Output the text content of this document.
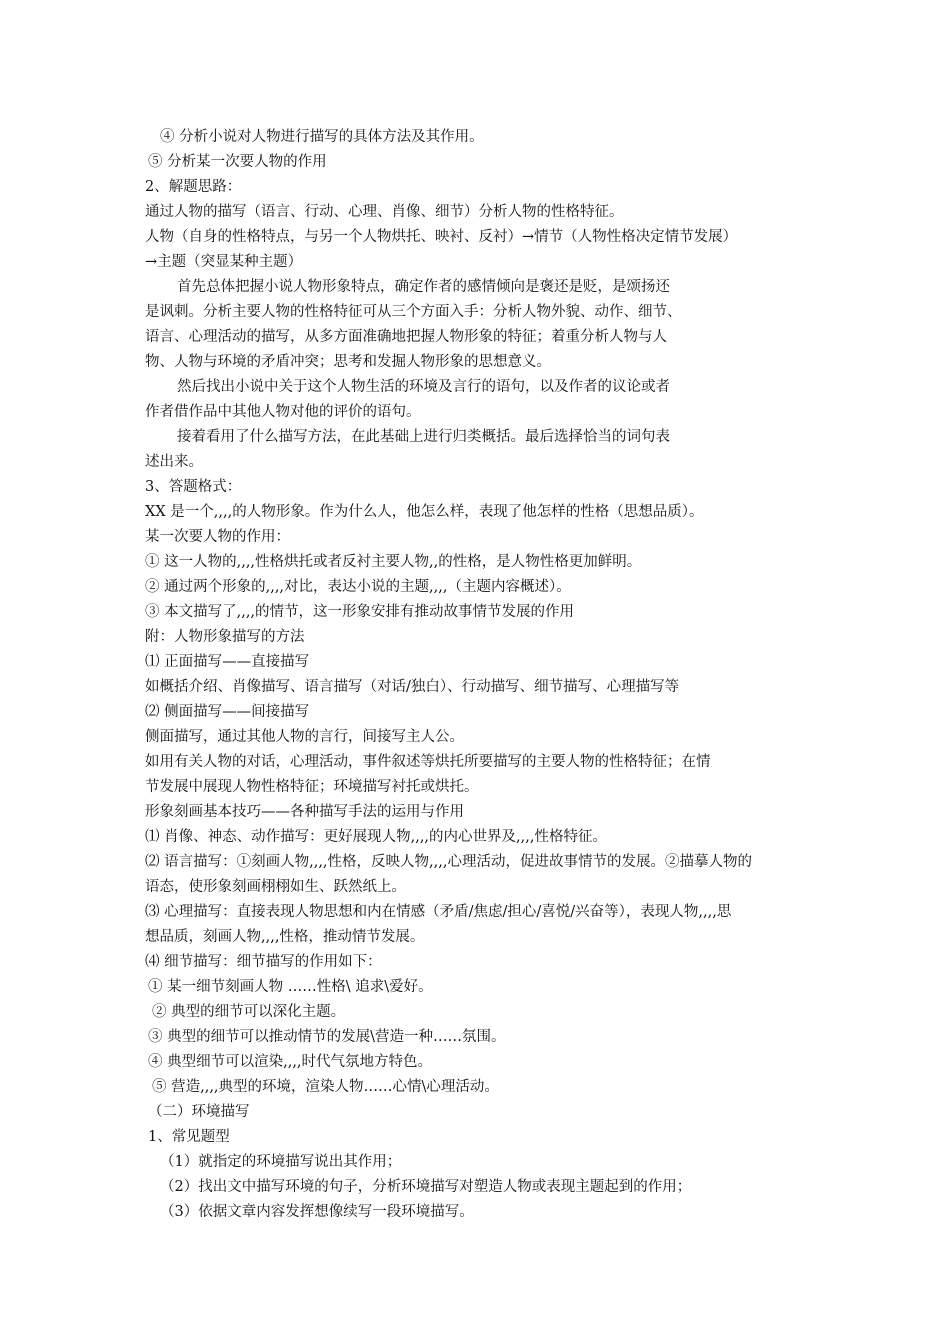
④ 分析小说对人物进行描写的具体方法及其作用。
⑤ 分析某一次要人物的作用
2、解题思路：
通过人物的描写（语言、行动、心理、肖像、细节）分析人物的性格特征。
人物（自身的性格特点，与另一个人物烘托、映衬、反衬）→情节（人物性格决定情节发展）
→主题（突显某种主题）
首先总体把握小说人物形象特点，确定作者的感情倾向是褒还是贬，是颂扬还
是讽刺。分析主要人物的性格特征可从三个方面入手：分析人物外貌、动作、细节、
语言、心理活动的描写，从多方面准确地把握人物形象的特征；着重分析人物与人
物、人物与环境的矛盾冲突；思考和发掘人物形象的思想意义。
然后找出小说中关于这个人物生活的环境及言行的语句，以及作者的议论或者
作者借作品中其他人物对他的评价的语句。
接着看用了什么描写方法，在此基础上进行归类概括。最后选择恰当的词句表
述出来。
3、答题格式：
XX 是一个,,,,的人物形象。作为什么人，他怎么样，表现了他怎样的性格（思想品质）。
某一次要人物的作用：
① 这一人物的,,,,性格烘托或者反衬主要人物,,的性格，是人物性格更加鲜明。
② 通过两个形象的,,,,对比，表达小说的主题,,,,（主题内容概述）。
③ 本文描写了,,,,的情节，这一形象安排有推动故事情节发展的作用
附：人物形象描写的方法
⑴ 正面描写——直接描写
如概括介绍、肖像描写、语言描写（对话/独白）、行动描写、细节描写、心理描写等
⑵ 侧面描写——间接描写
侧面描写，通过其他人物的言行，间接写主人公。
如用有关人物的对话，心理活动，事件叙述等烘托所要描写的主要人物的性格特征；在情
节发展中展现人物性格特征；环境描写衬托或烘托。
形象刻画基本技巧——各种描写手法的运用与作用
⑴ 肖像、神态、动作描写：更好展现人物,,,,的内心世界及,,,,性格特征。
⑵ 语言描写：①刻画人物,,,,性格，反映人物,,,,心理活动，促进故事情节的发展。②描摹人物的
语态，使形象刻画栩栩如生、跃然纸上。
⑶ 心理描写：直接表现人物思想和内在情感（矛盾/焦虑/担心/喜悦/兴奋等），表现人物,,,,思
想品质，刻画人物,,,,性格，推动情节发展。
⑷ 细节描写：细节描写的作用如下：
① 某一细节刻画人物 ……性格\ 追求\爱好。
② 典型的细节可以深化主题。
③ 典型的细节可以推动情节的发展\营造一种……氛围。
④ 典型细节可以渲染,,,,时代气氛地方特色。
⑤ 营造,,,,典型的环境，渲染人物……心情\心理活动。
（二）环境描写
1、常见题型
（1）就指定的环境描写说出其作用；
（2）找出文中描写环境的句子，分析环境描写对塑造人物或表现主题起到的作用；
（3）依据文章内容发挥想像续写一段环境描写。
